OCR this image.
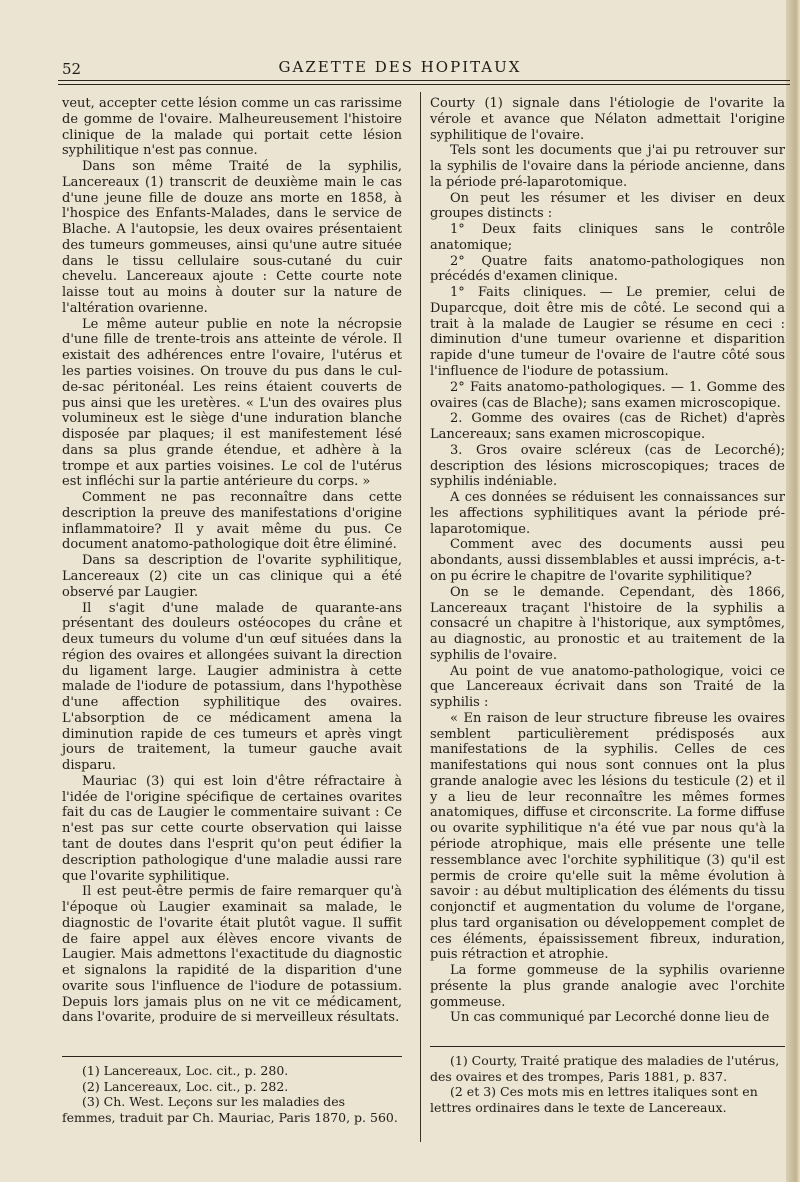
52	GAZETTE DES HOPITAUX

veut, accepter cette lésion comme un cas rarissime de gomme de l'ovaire. Malheureusement l'histoire clinique de la malade qui portait cette lésion syphilitique n'est pas connue.

Dans son même Traité de la syphilis, Lancereaux (1) transcrit de deuxième main le cas d'une jeune fille de douze ans morte en 1858, à l'hospice des Enfants-Malades, dans le service de Blache. A l'autopsie, les deux ovaires présentaient des tumeurs gommeuses, ainsi qu'une autre située dans le tissu cellulaire sous-cutané du cuir chevelu. Lancereaux ajoute : Cette courte note laisse tout au moins à douter sur la nature de l'altération ovarienne.

Le même auteur publie en note la nécropsie d'une fille de trente-trois ans atteinte de vérole. Il existait des adhérences entre l'ovaire, l'utérus et les parties voisines. On trouve du pus dans le cul-de-sac péritonéal. Les reins étaient couverts de pus ainsi que les uretères. « L'un des ovaires plus volumineux est le siège d'une induration blanche disposée par plaques; il est manifestement lésé dans sa plus grande étendue, et adhère à la trompe et aux parties voisines. Le col de l'utérus est infléchi sur la partie antérieure du corps. »

Comment ne pas reconnaître dans cette description la preuve des manifestations d'origine inflammatoire? Il y avait même du pus. Ce document anatomo-pathologique doit être éliminé.

Dans sa description de l'ovarite syphilitique, Lancereaux (2) cite un cas clinique qui a été observé par Laugier.

Il s'agit d'une malade de quarante-ans présentant des douleurs ostéocopes du crâne et deux tumeurs du volume d'un œuf situées dans la région des ovaires et allongées suivant la direction du ligament large. Laugier administra à cette malade de l'iodure de potassium, dans l'hypothèse d'une affection syphilitique des ovaires. L'absorption de ce médicament amena la diminution rapide de ces tumeurs et après vingt jours de traitement, la tumeur gauche avait disparu.

Mauriac (3) qui est loin d'être réfractaire à l'idée de l'origine spécifique de certaines ovarites fait du cas de Laugier le commentaire suivant : Ce n'est pas sur cette courte observation qui laisse tant de doutes dans l'esprit qu'on peut édifier la description pathologique d'une maladie aussi rare que l'ovarite syphilitique.

Il est peut-être permis de faire remarquer qu'à l'époque où Laugier examinait sa malade, le diagnostic de l'ovarite était plutôt vague. Il suffit de faire appel aux élèves encore vivants de Laugier. Mais admettons l'exactitude du diagnostic et signalons la rapidité de la disparition d'une ovarite sous l'influence de l'iodure de potassium. Depuis lors jamais plus on ne vit ce médicament, dans l'ovarite, produire de si merveilleux résultats.

(1) Lancereaux, Loc. cit., p. 280.

(2) Lancereaux, Loc. cit., p. 282.

(3) Ch. West. Leçons sur les maladies des femmes, traduit par Ch. Mauriac, Paris 1870, p. 560.

Courty (1) signale dans l'étiologie de l'ovarite la vérole et avance que Nélaton admettait l'origine syphilitique de l'ovaire.

Tels sont les documents que j'ai pu retrouver sur la syphilis de l'ovaire dans la période ancienne, dans la période pré-laparotomique.

On peut les résumer et les diviser en deux groupes distincts :

1° Deux faits cliniques sans le contrôle anatomique;

2° Quatre faits anatomo-pathologiques non précédés d'examen clinique.

1° Faits cliniques. — Le premier, celui de Duparcque, doit être mis de côté. Le second qui a trait à la malade de Laugier se résume en ceci : diminution d'une tumeur ovarienne et disparition rapide d'une tumeur de l'ovaire de l'autre côté sous l'influence de l'iodure de potassium.

2° Faits anatomo-pathologiques. — 1. Gomme des ovaires (cas de Blache); sans examen microscopique.

2. Gomme des ovaires (cas de Richet) d'après Lancereaux; sans examen microscopique.

3. Gros ovaire scléreux (cas de Lecorché); description des lésions microscopiques; traces de syphilis indéniable.

A ces données se réduisent les connaissances sur les affections syphilitiques avant la période pré-laparotomique.

Comment avec des documents aussi peu abondants, aussi dissemblables et aussi imprécis, a-t-on pu écrire le chapitre de l'ovarite syphilitique?

On se le demande. Cependant, dès 1866, Lancereaux traçant l'histoire de la syphilis a consacré un chapitre à l'historique, aux symptômes, au diagnostic, au pronostic et au traitement de la syphilis de l'ovaire.

Au point de vue anatomo-pathologique, voici ce que Lancereaux écrivait dans son Traité de la syphilis :

« En raison de leur structure fibreuse les ovaires semblent particulièrement prédisposés aux manifestations de la syphilis. Celles de ces manifestations qui nous sont connues ont la plus grande analogie avec les lésions du testicule (2) et il y a lieu de leur reconnaître les mêmes formes anatomiques, diffuse et circonscrite. La forme diffuse ou ovarite syphilitique n'a été vue par nous qu'à la période atrophique, mais elle présente une telle ressemblance avec l'orchite syphilitique (3) qu'il est permis de croire qu'elle suit la même évolution à savoir : au début multiplication des éléments du tissu conjonctif et augmentation du volume de l'organe, plus tard organisation ou développement complet de ces éléments, épaississement fibreux, induration, puis rétraction et atrophie.

La forme gommeuse de la syphilis ovarienne présente la plus grande analogie avec l'orchite gommeuse.

Un cas communiqué par Lecorché donne lieu de

(1) Courty, Traité pratique des maladies de l'utérus, des ovaires et des trompes, Paris 1881, p. 837.

(2 et 3) Ces mots mis en lettres italiques sont en lettres ordinaires dans le texte de Lancereaux.
